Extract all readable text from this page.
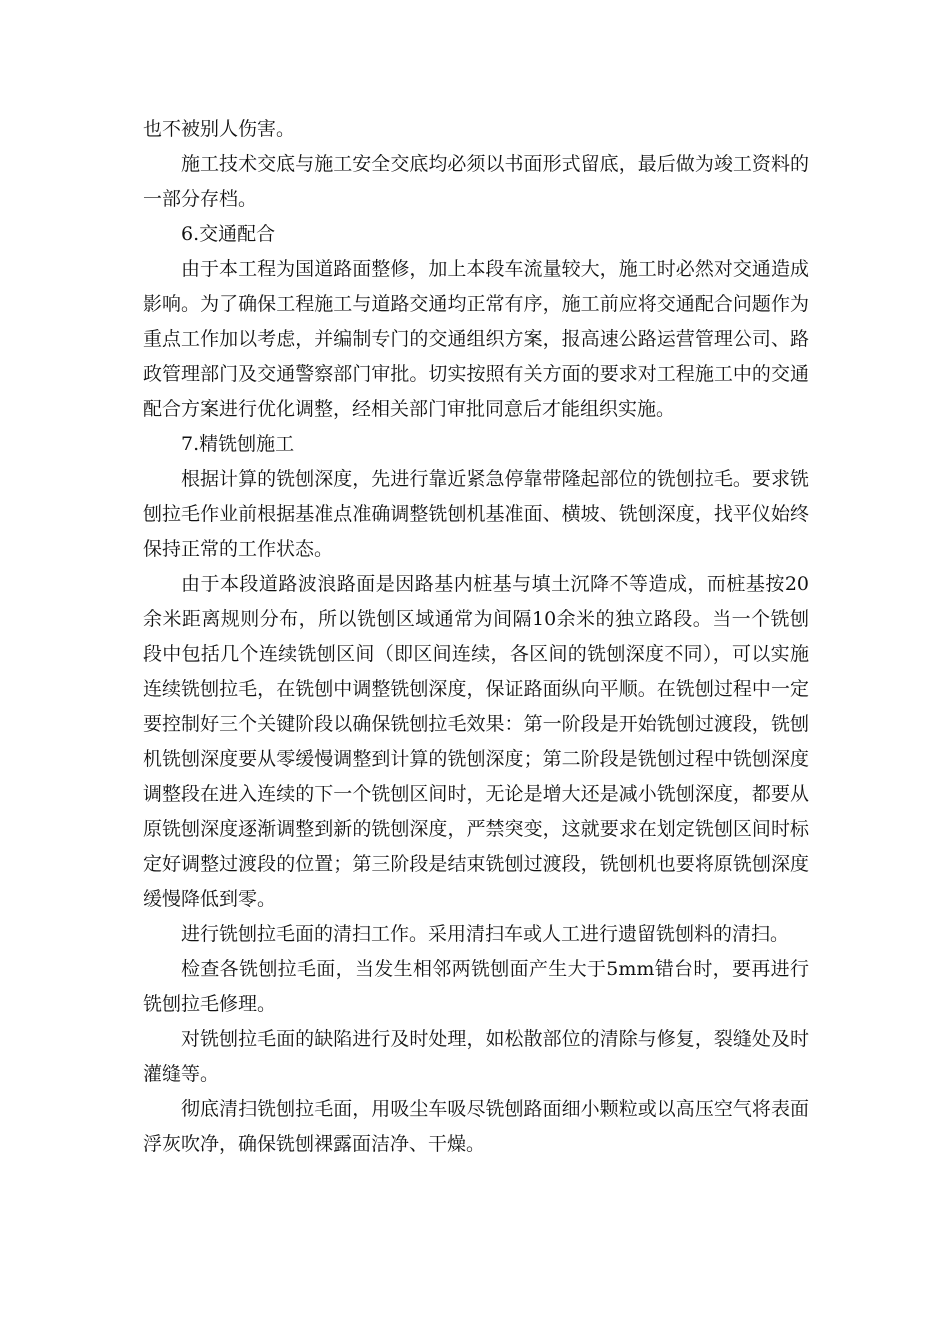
也不被别人伤害。

施工技术交底与施工安全交底均必须以书面形式留底，最后做为竣工资料的一部分存档。

6.交通配合

由于本工程为国道路面整修，加上本段车流量较大，施工时必然对交通造成影响。为了确保工程施工与道路交通均正常有序，施工前应将交通配合问题作为重点工作加以考虑，并编制专门的交通组织方案，报高速公路运营管理公司、路政管理部门及交通警察部门审批。切实按照有关方面的要求对工程施工中的交通配合方案进行优化调整，经相关部门审批同意后才能组织实施。

7.精铣刨施工

根据计算的铣刨深度，先进行靠近紧急停靠带隆起部位的铣刨拉毛。要求铣刨拉毛作业前根据基准点准确调整铣刨机基准面、横坡、铣刨深度，找平仪始终保持正常的工作状态。

由于本段道路波浪路面是因路基内桩基与填土沉降不等造成，而桩基按20余米距离规则分布，所以铣刨区域通常为间隔10余米的独立路段。当一个铣刨段中包括几个连续铣刨区间（即区间连续，各区间的铣刨深度不同），可以实施连续铣刨拉毛，在铣刨中调整铣刨深度，保证路面纵向平顺。在铣刨过程中一定要控制好三个关键阶段以确保铣刨拉毛效果：第一阶段是开始铣刨过渡段，铣刨机铣刨深度要从零缓慢调整到计算的铣刨深度；第二阶段是铣刨过程中铣刨深度调整段在进入连续的下一个铣刨区间时，无论是增大还是减小铣刨深度，都要从原铣刨深度逐渐调整到新的铣刨深度，严禁突变，这就要求在划定铣刨区间时标定好调整过渡段的位置；第三阶段是结束铣刨过渡段，铣刨机也要将原铣刨深度缓慢降低到零。

进行铣刨拉毛面的清扫工作。采用清扫车或人工进行遗留铣刨料的清扫。

检查各铣刨拉毛面，当发生相邻两铣刨面产生大于5mm错台时，要再进行铣刨拉毛修理。

对铣刨拉毛面的缺陷进行及时处理，如松散部位的清除与修复，裂缝处及时灌缝等。

彻底清扫铣刨拉毛面，用吸尘车吸尽铣刨路面细小颗粒或以高压空气将表面浮灰吹净，确保铣刨裸露面洁净、干燥。
